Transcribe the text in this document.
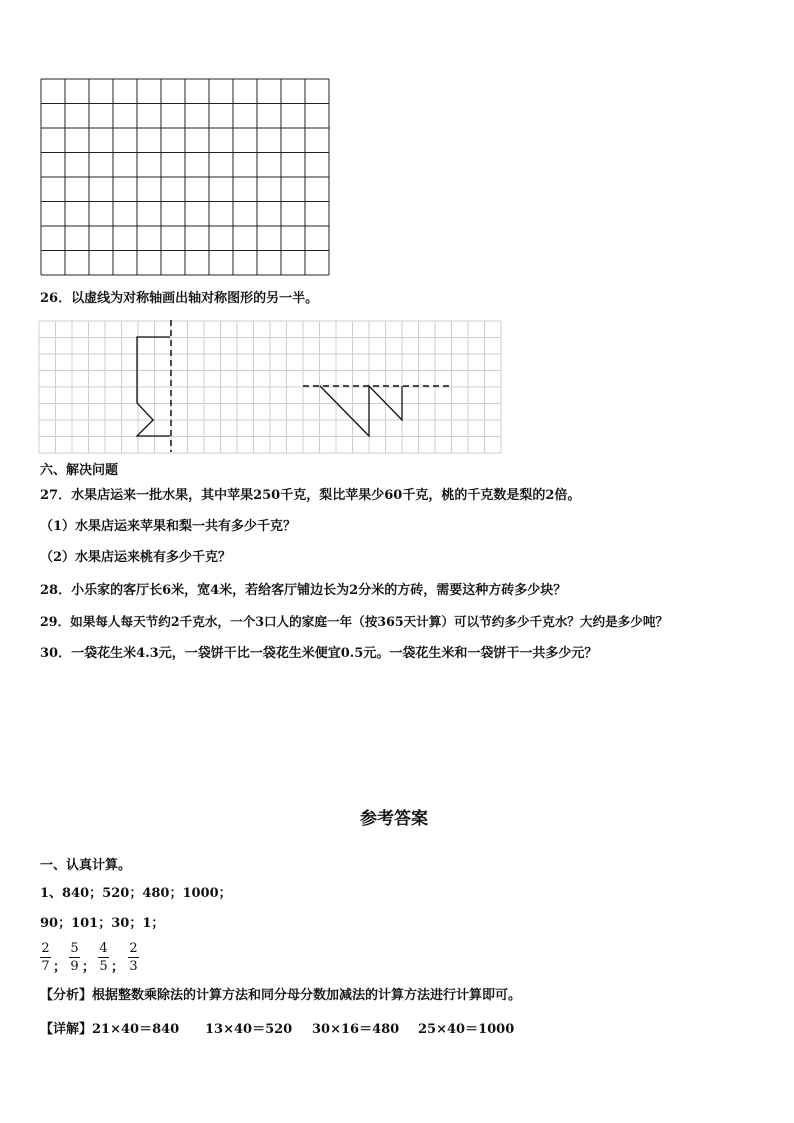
26．以虚线为对称轴画出轴对称图形的另一半。
六、解决问题
27．水果店运来一批水果，其中苹果250千克，梨比苹果少60千克，桃的千克数是梨的2倍。
（1）水果店运来苹果和梨一共有多少千克？
（2）水果店运来桃有多少千克？
28．小乐家的客厅长6米，宽4米，若给客厅铺边长为2分米的方砖，需要这种方砖多少块？
29．如果每人每天节约2千克水，一个3口人的家庭一年（按365天计算）可以节约多少千克水？大约是多少吨？
30．一袋花生米4.3元，一袋饼干比一袋花生米便宜0.5元。一袋花生米和一袋饼干一共多少元？
参考答案
一、认真计算。
1、840；520；480；1000；
90；101；30；1；
2
7 ；
5
9 ；
4
5 ；
2
3
【分析】根据整数乘除法的计算方法和同分母分数加减法的计算方法进行计算即可。
【详解】 21×40＝840 13×40＝520 30×16＝480 25×40＝1000
